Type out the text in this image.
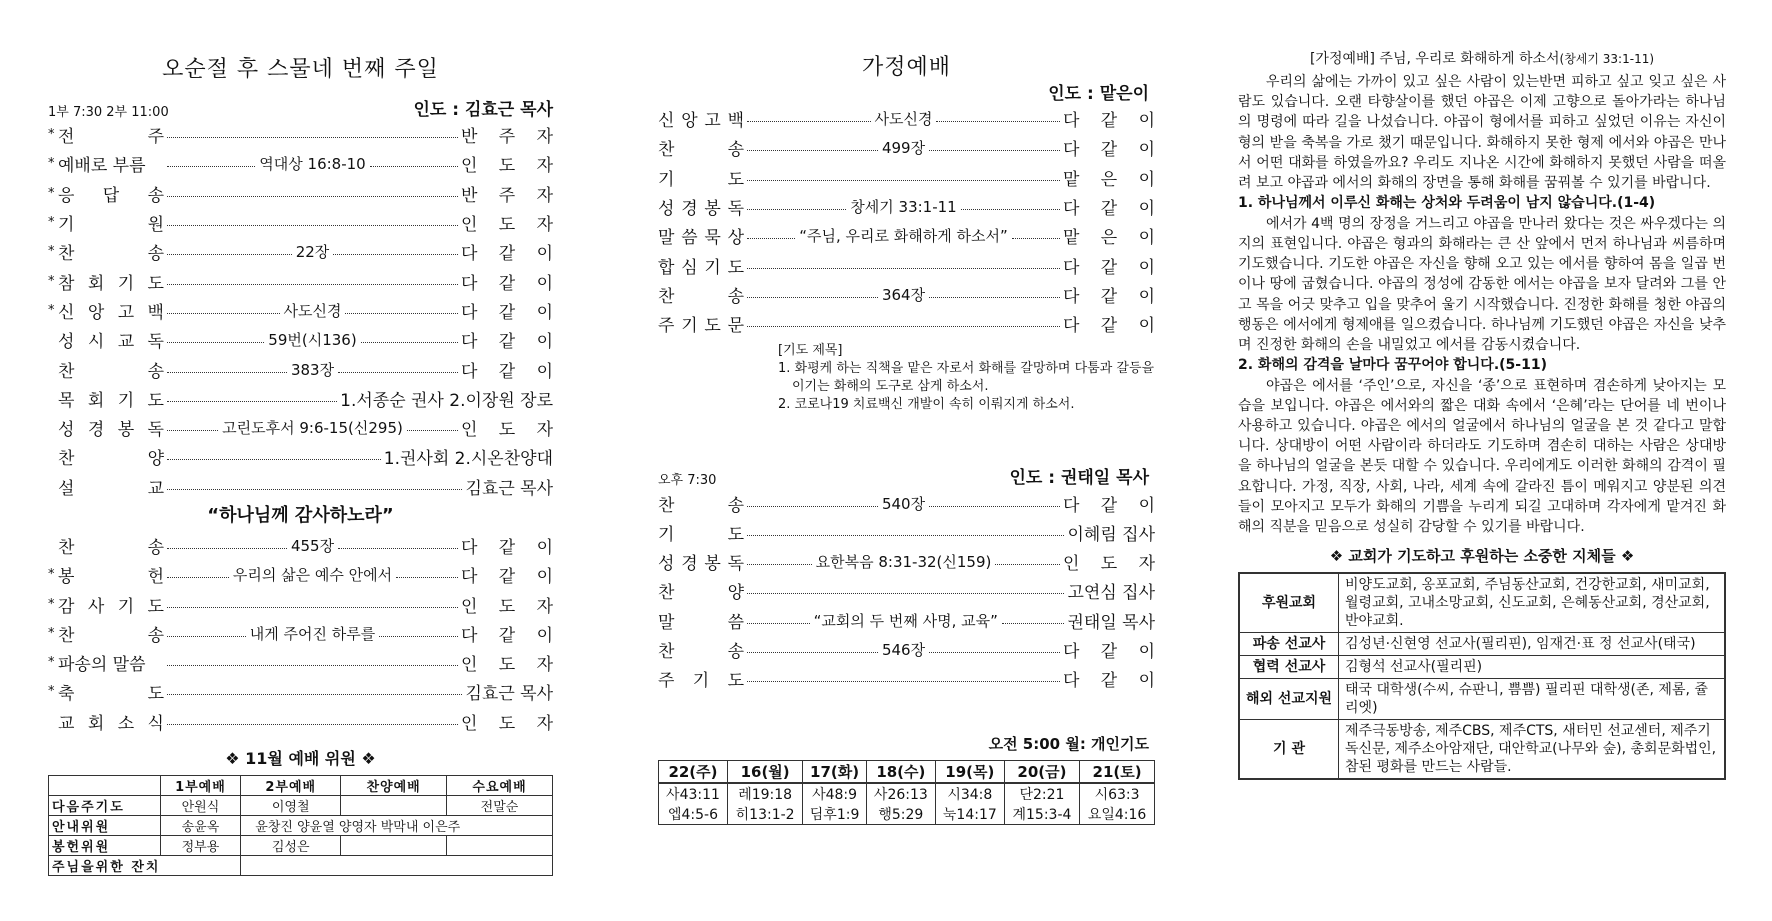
오순절 후 스물네 번째 주일
1부 7:30 2부 11:00	인도 : 김효근 목사
* 전	주	반 주 자
* 예배로 부름	역대상 16:8-10	인 도 자
* 응 답 송	반 주 자
* 기	원	인 도 자
* 찬	송	22장	다 같 이
* 참 회 기 도	다 같 이
* 신 앙 고 백	사도신경	다 같 이
성 시 교 독	59번(시136)	다 같 이
찬	송	383장	다 같 이
목 회 기 도	1.서종순 권사 2.이장원 장로
성 경 봉 독	고린도후서 9:6-15(신295)	인 도 자
찬	양	1.권사회 2.시온찬양대
설	교	김효근 목사
“하나님께 감사하노라”
찬	송	455장	다 같 이
* 봉	헌	우리의 삶은 예수 안에서	다 같 이
* 감 사 기 도	인 도 자
* 찬	송	내게 주어진 하루를	다 같 이
* 파송의 말씀	인 도 자
* 축	도	김효근 목사
교 회 소 식	인 도 자
❖ 11월 예배 위원 ❖
	1부예배	2부예배	찬양예배	수요예배
다음주기도	안원식	이영철		전말순
안내위원	송윤옥	윤창진 양윤열 양영자 박막내 이은주		
봉헌위원	정부용	김성은		
주님을위한 잔치				
가정예배
인도 : 맡은이
신 앙 고 백	사도신경	다 같 이
찬	송	499장	다 같 이
기	도	맡 은 이
성 경 봉 독	창세기 33:1-11	다 같 이
말 씀 묵 상	“주님, 우리로 화해하게 하소서”	맡 은 이
합 심 기 도	다 같 이
찬	송	364장	다 같 이
주 기 도 문	다 같 이
[기도 제목]
1. 화평케 하는 직책을 맡은 자로서 화해를 갈망하며 다툼과 갈등을 이기는 화해의 도구로 삼게 하소서.
2. 코로나19 치료백신 개발이 속히 이뤄지게 하소서.
오후 7:30	인도 : 권태일 목사
찬	송	540장	다 같 이
기	도	이혜림 집사
성 경 봉 독	요한복음 8:31-32(신159)	인 도 자
찬	양	고연심 집사
말	씀	“교회의 두 번째 사명, 교육”	권태일 목사
찬	송	546장	다 같 이
주 기 도	다 같 이
오전 5:00 월: 개인기도
22(주)	16(월)	17(화)	18(수)	19(목)	20(금)	21(토)
사43:11	레19:18	사48:9	사26:13	시34:8	단2:21	시63:3
엡4:5-6	히13:1-2	딤후1:9	행5:29	눅14:17	계15:3-4	요일4:16
[가정예배] 주님, 우리로 화해하게 하소서(창세기 33:1-11)

우리의 삶에는 가까이 있고 싶은 사람이 있는반면 피하고 싶고 잊고 싶은 사람도 있습니다. 오랜 타향살이를 했던 야곱은 이제 고향으로 돌아가라는 하나님의 명령에 따라 길을 나섰습니다. 야곱이 형에서를 피하고 싶었던 이유는 자신이 형의 받을 축복을 가로 챘기 때문입니다. 화해하지 못한 형제 에서와 야곱은 만나서 어떤 대화를 하였을까요? 우리도 지나온 시간에 화해하지 못했던 사람을 떠올려 보고 야곱과 에서의 화해의 장면을 통해 화해를 꿈꿔볼 수 있기를 바랍니다.

1. 하나님께서 이루신 화해는 상처와 두려움이 남지 않습니다.(1-4)

에서가 4백 명의 장정을 거느리고 야곱을 만나러 왔다는 것은 싸우겠다는 의지의 표현입니다. 야곱은 형과의 화해라는 큰 산 앞에서 먼저 하나님과 씨름하며 기도했습니다. 기도한 야곱은 자신을 향해 오고 있는 에서를 향하여 몸을 일곱 번이나 땅에 굽혔습니다. 야곱의 정성에 감동한 에서는 야곱을 보자 달려와 그를 안고 목을 어긋 맞추고 입을 맞추어 울기 시작했습니다. 진정한 화해를 청한 야곱의 행동은 에서에게 형제애를 일으켰습니다. 하나님께 기도했던 야곱은 자신을 낮추며 진정한 화해의 손을 내밀었고 에서를 감동시켰습니다.

2. 화해의 감격을 날마다 꿈꾸어야 합니다.(5-11)

야곱은 에서를 ‘주인’으로, 자신을 ‘종’으로 표현하며 겸손하게 낮아지는 모습을 보입니다. 야곱은 에서와의 짧은 대화 속에서 ‘은혜’라는 단어를 네 번이나 사용하고 있습니다. 야곱은 에서의 얼굴에서 하나님의 얼굴을 본 것 같다고 말합니다. 상대방이 어떤 사람이라 하더라도 기도하며 겸손히 대하는 사람은 상대방을 하나님의 얼굴을 본듯 대할 수 있습니다. 우리에게도 이러한 화해의 감격이 필요합니다. 가정, 직장, 사회, 나라, 세계 속에 갈라진 틈이 메워지고 양분된 의견들이 모아지고 모두가 화해의 기쁨을 누리게 되길 고대하며 각자에게 맡겨진 화해의 직분을 믿음으로 성실히 감당할 수 있기를 바랍니다.

❖ 교회가 기도하고 후원하는 소중한 지체들 ❖
후원교회	비양도교회, 옹포교회, 주님동산교회, 건강한교회, 새미교회, 월령교회, 고내소망교회, 신도교회, 은혜동산교회, 경산교회, 반야교회.
파송 선교사	김성년·신현영 선교사(필리핀), 임재건·표 정 선교사(태국)
협력 선교사	김형석 선교사(필리핀)
해외 선교지원	태국 대학생(수씨, 슈판니, 쁨쁨) 필리핀 대학생(존, 제롬, 쥴리엣)
기 관	제주극동방송, 제주CBS, 제주CTS, 새터민 선교센터, 제주기독신문, 제주소아암재단, 대안학교(나무와 숲), 총회문화법인, 참된 평화를 만드는 사람들.
